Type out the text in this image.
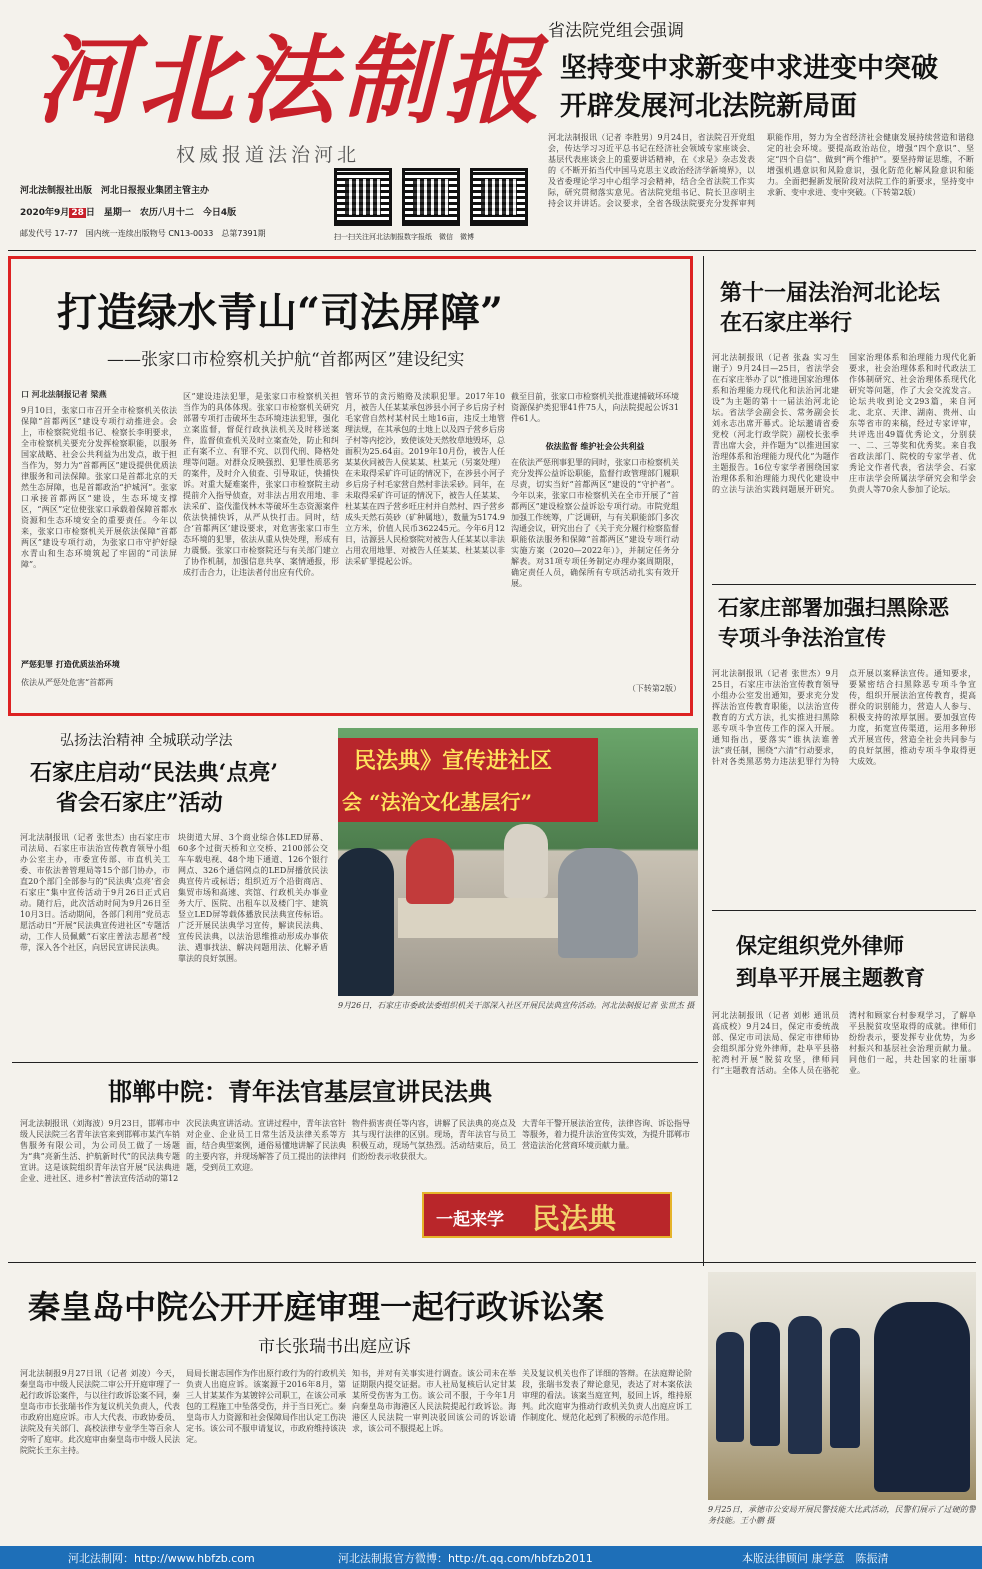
河北法制报
权威报道法治河北
河北法制报社出版　河北日报报业集团主管主办
2020年9月 28 日　星期一　农历八月十二　今日4版
邮发代号 17-77　国内统一连续出版物号 CN13-0033　总第7391期	扫一扫关注河北法制报数字报纸　微信　微博
省法院党组会强调
坚持变中求新变中求进变中突破
开辟发展河北法院新局面
河北法制报讯（记者 李胜男）9月24日，省法院召开党组会，传达学习习近平总书记在经济社会领域专家座谈会、基层代表座谈会上的重要讲话精神，在《求是》杂志发表的《不断开拓当代中国马克思主义政治经济学新境界》，以及省委理论学习中心组学习会精神，结合全省法院工作实际，研究贯彻落实意见。省法院党组书记、院长卫彦明主持会议并讲话。会议要求，全省各级法院要充分发挥审判职能作用，努力为全省经济社会健康发展持续营造和谐稳定的社会环境。要提高政治站位，增强“四个意识”、坚定“四个自信”、做到“两个维护”。要坚持辩证思维，不断增强机遇意识和风险意识，强化防范化解风险意识和能力。全面把握新发展阶段对法院工作的新要求，坚持变中求新、变中求进、变中突破。（下转第2版）
打造绿水青山“司法屏障”
——张家口市检察机关护航“首都两区”建设纪实
口 河北法制报记者 梁燕
9月10日，张家口市召开全市检察机关依法保障“首都两区”建设专项行动推进会。会上，市检察院党组书记、检察长李明要求，全市检察机关要充分发挥检察职能，以服务国家战略、社会公共利益为出发点，敢于担当作为，努力为“首都两区”建设提供优质法律服务和司法保障。张家口是首都北京的天然生态屏障，也是首都政治“护城河”。张家口承接首都两区“建设，生态环境支撑区，“两区”定位使张家口承载着保障首都水资源和生态环境安全的重要责任。今年以来，张家口市检察机关开展依法保障“首都两区”建设专项行动，为张家口市守护好绿水青山和生态环境筑起了牢固的“司法屏障”。
严惩犯罪 打造优质法治环境
依法从严惩处危害“首都两
区”建设违法犯罪，是张家口市检察机关担当作为的具体体现。张家口市检察机关研究部署专项打击破坏生态环境违法犯罪，强化立案监督，督促行政执法机关及时移送案件，监督侦查机关及时立案查处，防止和纠正有案不立、有罪不究、以罚代刑、降格处理等问题。对群众反映强烈、犯罪性质恶劣的案件，及时介入侦查、引导取证，快捕快诉。对重大疑难案件，张家口市检察院主动提前介入指导侦查，对非法占用农用地、非法采矿、盗伐滥伐林木等破坏生态资源案件依法快捕快诉，从严从快打击。同时，结合‘首都两区’建设要求，对危害张家口市生态环境的犯罪，依法从重从快处理，形成有力震慑。张家口市检察院还与有关部门建立了协作机制，加强信息共享、案情通报，形成打击合力，让违法者付出应有代价。
管环节的贪污贿赂及渎职犯罪。2017年10月，被告人任某某承包涉县小河子乡后房子村毛家营自然村某村民土地16亩，违反土地管理法规，在其承包的土地上以及四子营乡后房子村等内挖沙，致使该处天然牧草地毁坏，总面积为25.64亩。2019年10月份，被告人任某某伙同被告人侯某某、杜某元（另案处理）在未取得采矿许可证的情况下，在涉县小河子乡后房子村毛家营自然村非法采砂。同年，在未取得采矿许可证的情况下，被告人任某某、杜某某在四子营乡旺庄村并自然村、四子营乡成头天然石英砂（矿种属地），数量为5174.9立方米，价值人民币362245元。今年6月12日，沽源县人民检察院对被告人任某某以非法占用农用地罪、对被告人任某某、杜某某以非法采矿罪提起公诉。
截至目前，张家口市检察机关批准逮捕破坏环境资源保护类犯罪41件75人，向法院提起公诉31件61人。
依法监督 维护社会公共利益
在依法严惩刑事犯罪的同时，张家口市检察机关充分发挥公益诉讼职能，监督行政管理部门履职尽责，切实当好“首都两区”建设的“守护者”。今年以来，张家口市检察机关在全市开展了“首都两区”建设检察公益诉讼专项行动。市院党组加强工作统筹，广泛调研，与有关职能部门多次沟通会议，研究出台了《关于充分履行检察监督职能依法服务和保障“首都两区”建设专项行动实施方案（2020—2022年）》，并制定任务分解表。对31项专项任务制定办理办案周期限，确定责任人员，确保所有专项活动扎实有效开展。
（下转第2版）
第十一届法治河北论坛
在石家庄举行
河北法制报讯（记者 张淼 实习生 谢子）9月24日—25日，省法学会在石家庄举办了以“推进国家治理体系和治理能力现代化和法治河北建设”为主题的第十一届法治河北论坛。省法学会副会长、常务副会长刘永志出席开幕式。论坛邀请省委党校（河北行政学院）副校长张季青出席大会，并作题为“以推进国家治理体系和治理能力现代化”为题作主题报告。16位专家学者围绕国家治理体系和治理能力现代化建设中的立法与法治实践问题展开研究。国家治理体系和治理能力现代化新要求，社会治理体系和时代政法工作体制研究、社会治理体系现代化研究等问题，作了大会交流发言。论坛共收到论文293篇，来自河北、北京、天津、湖南、贵州、山东等省市的来稿，经过专家评审，共评选出49篇优秀论文，分别获一、二、三等奖和优秀奖。来自我省政法部门、院校的专家学者、优秀论文作者代表，省法学会、石家庄市法学会所属法学研究会和学会负责人等70余人参加了论坛。
石家庄部署加强扫黑除恶
专项斗争法治宣传
河北法制报讯（记者 张世杰）9月25日，石家庄市法治宣传教育领导小组办公室发出通知，要求充分发挥法治宣传教育职能，以法治宣传教育的方式方法，扎实推进扫黑除恶专项斗争宣传工作的深入开展。通知指出，要落实“谁执法谁普法”责任制，围绕“六清”行动要求，针对各类黑恶势力违法犯罪行为特点开展以案释法宣传。通知要求，要紧密结合扫黑除恶专项斗争宣传，组织开展法治宣传教育，提高群众的识别能力，营造人人参与、积极支持的浓厚氛围。要加强宣传力度，拓宽宣传渠道，运用多种形式开展宣传，营造全社会共同参与的良好氛围，推动专项斗争取得更大成效。
保定组织党外律师
到阜平开展主题教育
河北法制报讯（记者 刘彬 通讯员 高成校）9月24日，保定市委统战部、保定市司法局、保定市律师协会组织部分党外律师，赴阜平县骆驼湾村开展“脱贫攻坚，律师同行”主题教育活动。全体人员在骆驼湾村和顾家台村参观学习，了解阜平县脱贫攻坚取得的成就。律师们纷纷表示，要发挥专业优势，为乡村振兴和基层社会治理贡献力量。同他们一起，共赴国家的壮丽事业。
弘扬法治精神 全城联动学法
石家庄启动“民法典‘点亮’
省会石家庄”活动
河北法制报讯（记者 张世杰）由石家庄市司法局、石家庄市法治宣传教育领导小组办公室主办，市委宣传部、市直机关工委、市依法普管理局等15个部门协办，市直20个部门全部参与的“民法典‘点亮’省会石家庄”集中宣传活动于9月26日正式启动。随行后，此次活动时间为9月26日至10月3日。活动期间，各部门利用“党员志愿活动日”开展“民法典宣传进社区”专题活动，工作人员佩戴“石家庄普法志愿者”绶带，深入各个社区，向居民宣讲民法典。
块街道大屏、3个商业综合体LED屏幕、60多个过街天桥和立交桥、2100部公交车车载电视、48个地下通道、126个银行网点、326个通信网点的LED屏播放民法典宣传片或标语；组织近万个沿街商店、集贸市场和高速、宾馆、行政机关办事业务大厅、医院、出租车以及楼门宇、建筑竖立LED屏等载体播放民法典宣传标语。广泛开展民法典学习宣传，解读民法典、宣传民法典，以法治思维推动形成办事依法、遇事找法、解决问题用法、化解矛盾靠法的良好氛围。
民法典》宣传进社区
会 “法治文化基层行”
9月26日，石家庄市委政法委组织机关干部深入社区开展民法典宣传活动。河北法制报记者 张世杰 摄
邯郸中院：青年法官基层宣讲民法典
河北法制报讯（刘海波）9月23日，邯郸市中级人民法院三名青年法官来到邯郸市某汽车销售服务有限公司，为公司员工做了一场题为“典”亮新生活、护航新时代”的民法典专题宣讲。这是该院组织青年法官开展“民法典进企业、进社区、进乡村”普法宣传活动的第12
次民法典宣讲活动。宣讲过程中，青年法官针对企业、企业员工日常生活及法律关系等方面，结合典型案例，通俗易懂地讲解了民法典的主要内容，并现场解答了员工提出的法律问题，受到员工欢迎。
物件损害责任等内容，讲解了民法典的亮点及其与现行法律的区别。现场，青年法官与员工积极互动，现场气氛热烈。活动结束后，员工们纷纷表示收获很大。
大青年干警开展法治宣传，法律咨询、诉讼指导等服务，着力提升法治宣传实效，为提升邯郸市营造法治化营商环境贡献力量。
一起来学 民法典
秦皇岛中院公开开庭审理一起行政诉讼案
市长张瑞书出庭应诉
河北法制报9月27日讯（记者 刘凌）今天，秦皇岛市中级人民法院二审公开开庭审理了一起行政诉讼案件，与以往行政诉讼案不同，秦皇岛市市长张瑞书作为复议机关负责人，代表市政府出庭应诉。市人大代表、市政协委员、法院及有关部门、高校法律专业学生等百余人旁听了庭审。此次庭审由秦皇岛市中级人民法院院长王东主持。
局局长谢志国作为作出原行政行为的行政机关负责人出庭应诉。该案源于2016年8月，第三人甘某某作为某镀锌公司职工，在该公司承包的工程施工中坠落受伤，并于当日死亡。秦皇岛市人力资源和社会保障局作出认定工伤决定书。该公司不服申请复议，市政府维持该决定。
知书，并对有关事实进行调查。该公司未在举证期限内提交证据。市人社局复核后认定甘某某所受伤害为工伤。该公司不服，于今年1月向秦皇岛市海港区人民法院提起行政诉讼。海港区人民法院一审判决驳回该公司的诉讼请求，该公司不服提起上诉。
关及复议机关也作了详细的答辩。在法庭辩论阶段，张瑞书发表了辩论意见，表达了对本案依法审理的看法。该案当庭宣判，驳回上诉，维持原判。此次庭审为推动行政机关负责人出庭应诉工作制度化、规范化起到了积极的示范作用。
9月25日，承德市公安局开展民警技能大比武活动，民警们展示了过硬的警务技能。王小鹏 摄
河北法制网：http://www.hbfzb.com	河北法制报官方微博：http://t.qq.com/hbfzb2011	本版法律顾问 康学意　陈振清
